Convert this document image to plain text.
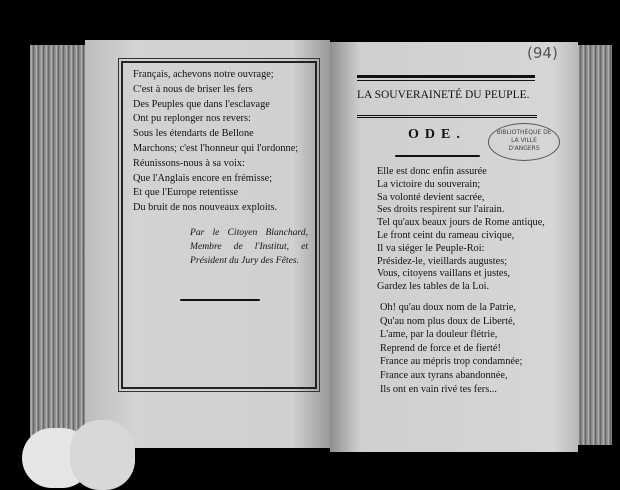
Français, achevons notre ouvrage;
C'est à nous de briser les fers
Des Peuples que dans l'esclavage
Ont pu replonger nos revers:
Sous les étendarts de Bellone
Marchons; c'est l'honneur qui l'ordonne;
Réunissons-nous à sa voix:
Que l'Anglais encore en frémisse;
Et que l'Europe retentisse
Du bruit de nos nouveaux exploits.
Par le Citoyen Blanchard, Membre de l'Institut, et Président du Jury des Fêtes.
(94)
LA SOUVERAINETÉ DU PEUPLE.
ODE.	BIBLIOTHÈQUE DE LA VILLE D'ANGERS
Elle est donc enfin assurée
La victoire du souverain;
Sa volonté devient sacrée,
Ses droits respirent sur l'airain.
Tel qu'aux beaux jours de Rome antique,
Le front ceint du rameau civique,
Il va siéger le Peuple-Roi:
Présidez-le, vieillards augustes;
Vous, citoyens vaillans et justes,
Gardez les tables de la Loi.
Oh! qu'au doux nom de la Patrie,
Qu'au nom plus doux de Liberté,
L'ame, par la douleur flétrie,
Reprend de force et de fierté!
France au mépris trop condamnée;
France aux tyrans abandonnée,
Ils ont en vain rivé tes fers...
